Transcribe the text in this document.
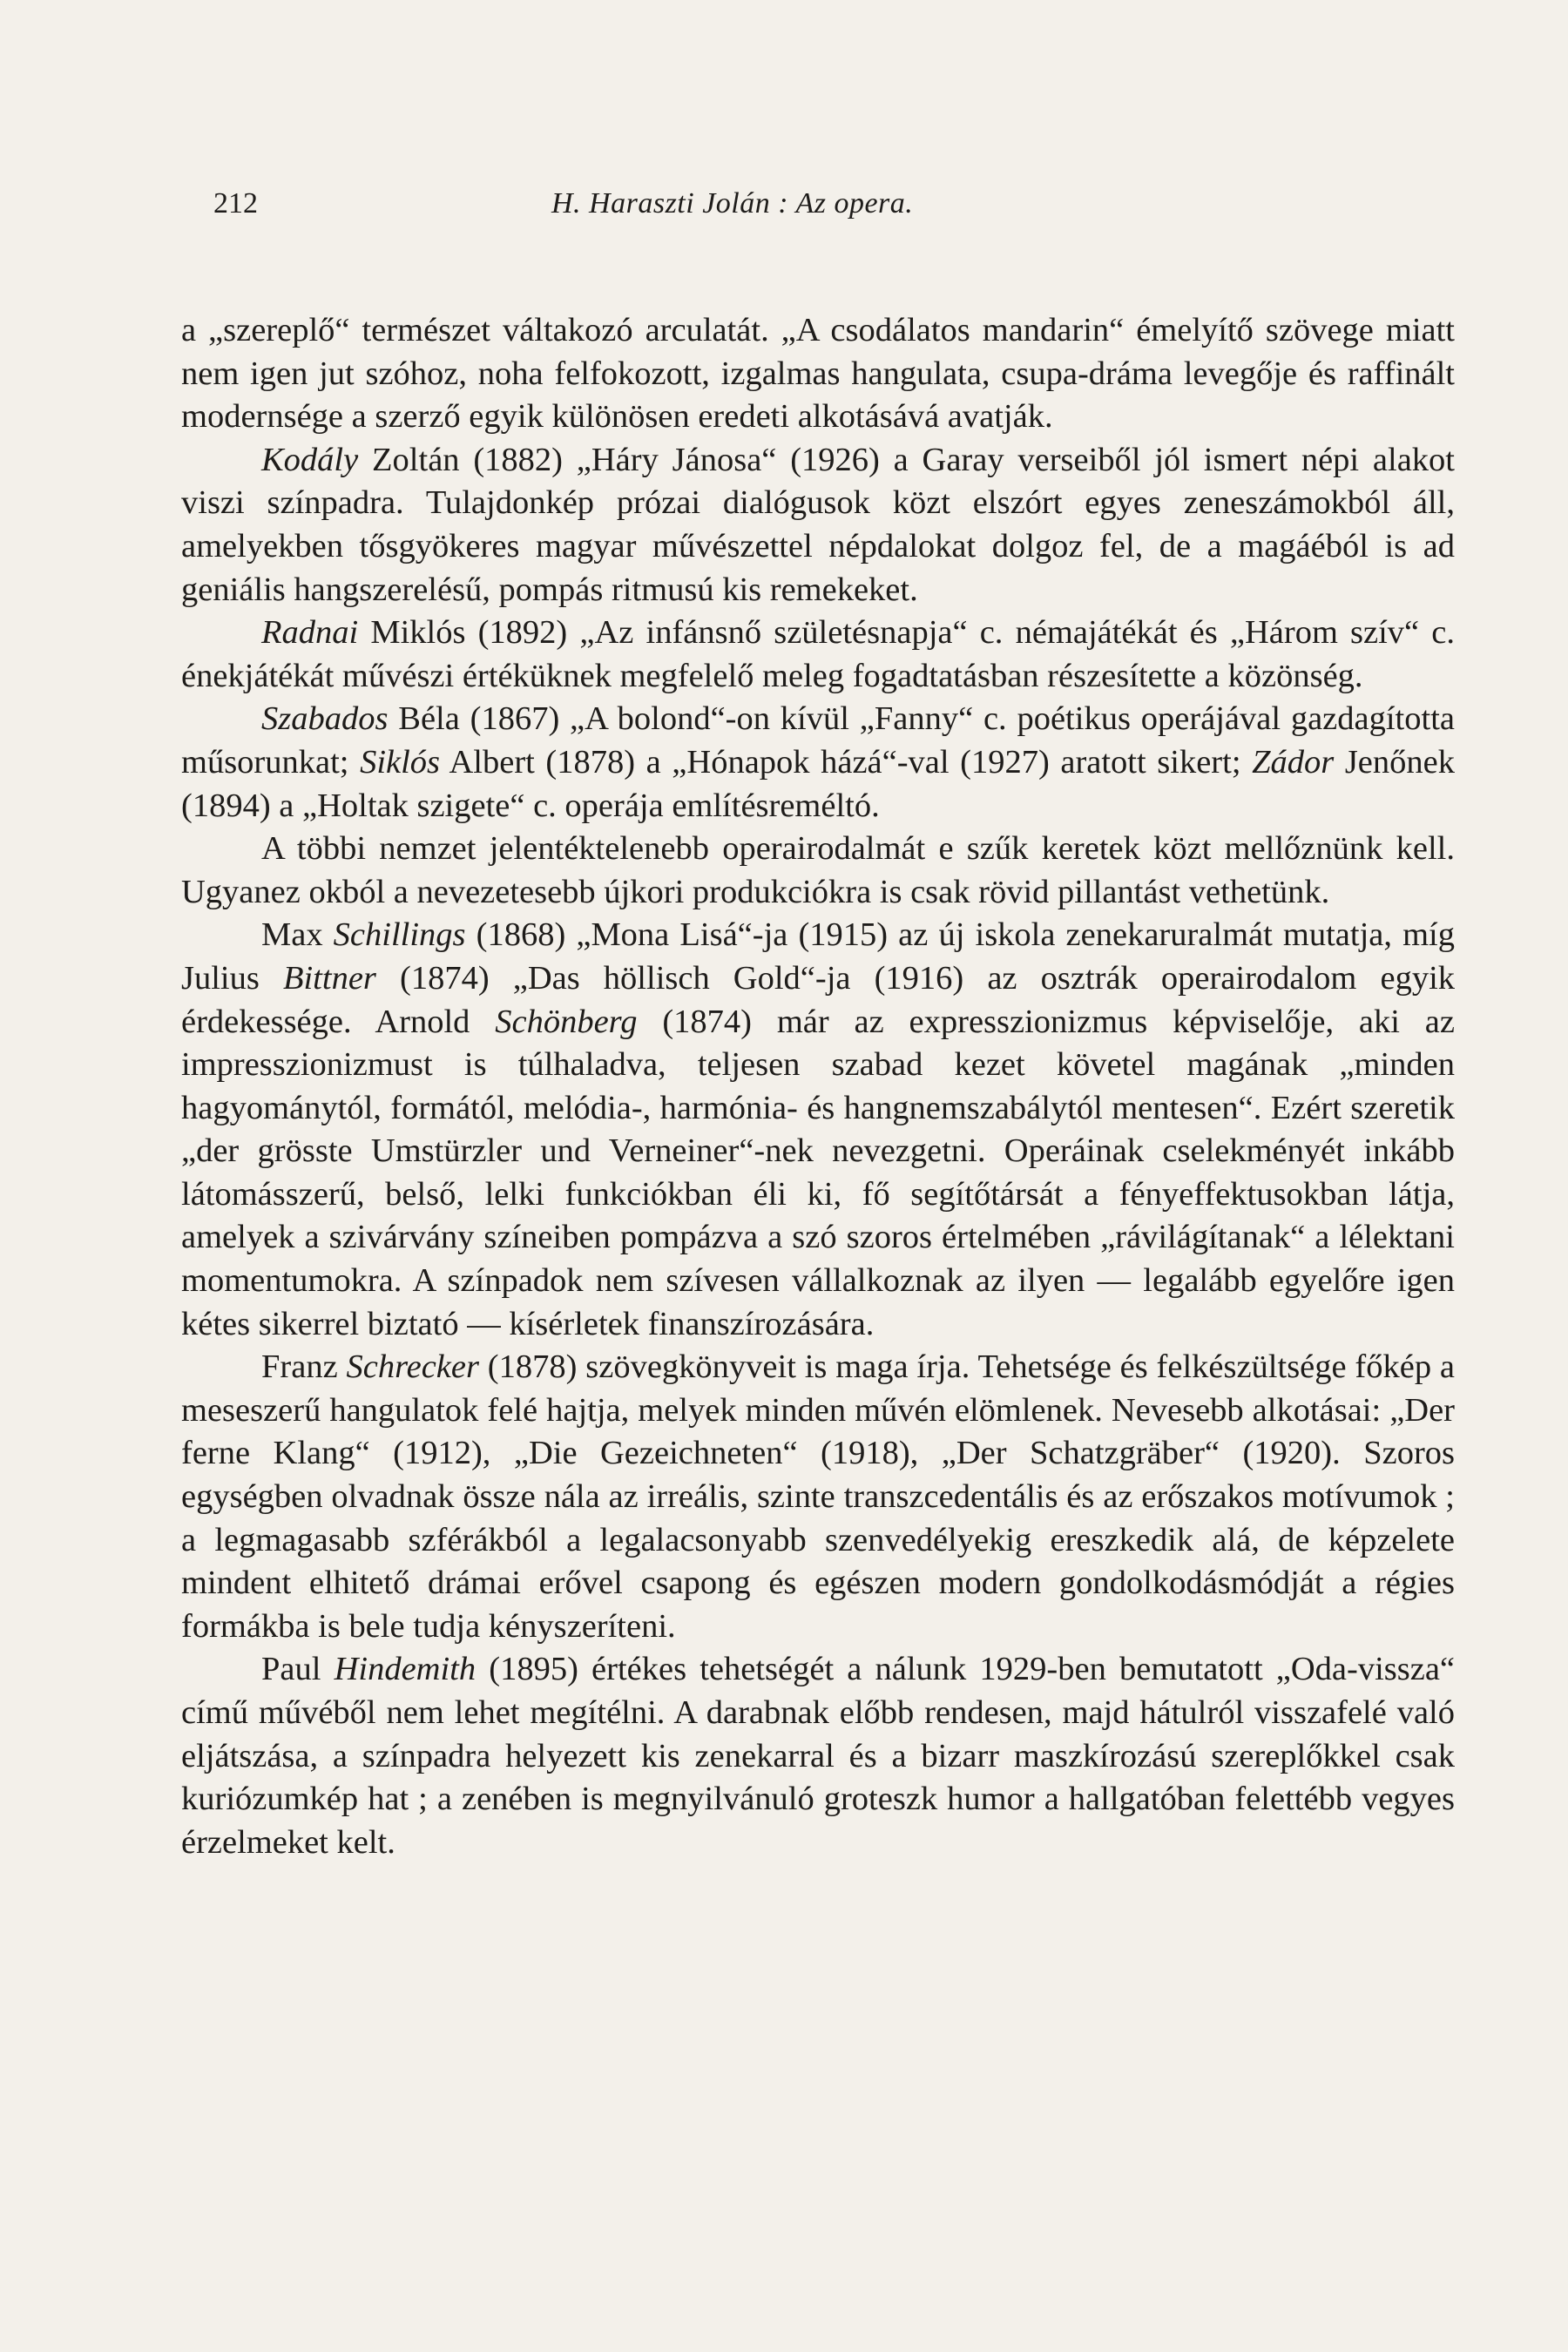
212	H. Haraszti Jolán : Az opera.

a „szereplő“ természet váltakozó arculatát. „A csodálatos mandarin“ émelyítő szövege miatt nem igen jut szóhoz, noha felfokozott, izgalmas hangulata, csupa-dráma levegője és raffinált modernsége a szerző egyik különösen eredeti alkotásává avatják.

Kodály Zoltán (1882) „Háry Jánosa“ (1926) a Garay verseiből jól ismert népi alakot viszi színpadra. Tulajdonkép prózai dialógusok közt elszórt egyes zeneszámokból áll, amelyekben tősgyökeres magyar művészettel népdalokat dolgoz fel, de a magáéból is ad geniális hangszerelésű, pompás ritmusú kis remekeket.

Radnai Miklós (1892) „Az infánsnő születésnapja“ c. némajátékát és „Három szív“ c. énekjátékát művészi értéküknek megfelelő meleg fogadtatásban részesítette a közönség.

Szabados Béla (1867) „A bolond“-on kívül „Fanny“ c. poétikus operájával gazdagította műsorunkat; Siklós Albert (1878) a „Hónapok házá“-val (1927) aratott sikert; Zádor Jenőnek (1894) a „Holtak szigete“ c. operája említésreméltó.

A többi nemzet jelentéktelenebb operairodalmát e szűk keretek közt mellőznünk kell. Ugyanez okból a nevezetesebb újkori produkciókra is csak rövid pillantást vethetünk.

Max Schillings (1868) „Mona Lisá“-ja (1915) az új iskola zenekaruralmát mutatja, míg Julius Bittner (1874) „Das höllisch Gold“-ja (1916) az osztrák operairodalom egyik érdekessége. Arnold Schönberg (1874) már az expresszionizmus képviselője, aki az impresszionizmust is túlhaladva, teljesen szabad kezet követel magának „minden hagyománytól, formától, melódia-, harmónia- és hangnemszabálytól mentesen“. Ezért szeretik „der grösste Umstürzler und Verneiner“-nek nevezgetni. Operáinak cselekményét inkább látomásszerű, belső, lelki funkciókban éli ki, fő segítőtársát a fényeffektusokban látja, amelyek a szivárvány színeiben pompázva a szó szoros értelmében „rávilágítanak“ a lélektani momentumokra. A színpadok nem szívesen vállalkoznak az ilyen — legalább egyelőre igen kétes sikerrel biztató — kísérletek finanszírozására.

Franz Schrecker (1878) szövegkönyveit is maga írja. Tehetsége és felkészültsége főkép a meseszerű hangulatok felé hajtja, melyek minden művén elömlenek. Nevesebb alkotásai: „Der ferne Klang“ (1912), „Die Gezeichneten“ (1918), „Der Schatzgräber“ (1920). Szoros egységben olvadnak össze nála az irreális, szinte transzcedentális és az erőszakos motívumok ; a legmagasabb szférákból a legalacsonyabb szenvedélyekig ereszkedik alá, de képzelete mindent elhitető drámai erővel csapong és egészen modern gondolkodásmódját a régies formákba is bele tudja kényszeríteni.

Paul Hindemith (1895) értékes tehetségét a nálunk 1929-ben bemutatott „Oda-vissza“ című művéből nem lehet megítélni. A darabnak előbb rendesen, majd hátulról visszafelé való eljátszása, a színpadra helyezett kis zenekarral és a bizarr maszkírozású szereplőkkel csak kuriózumkép hat ; a zenében is megnyilvánuló groteszk humor a hallgatóban felettébb vegyes érzelmeket kelt.
